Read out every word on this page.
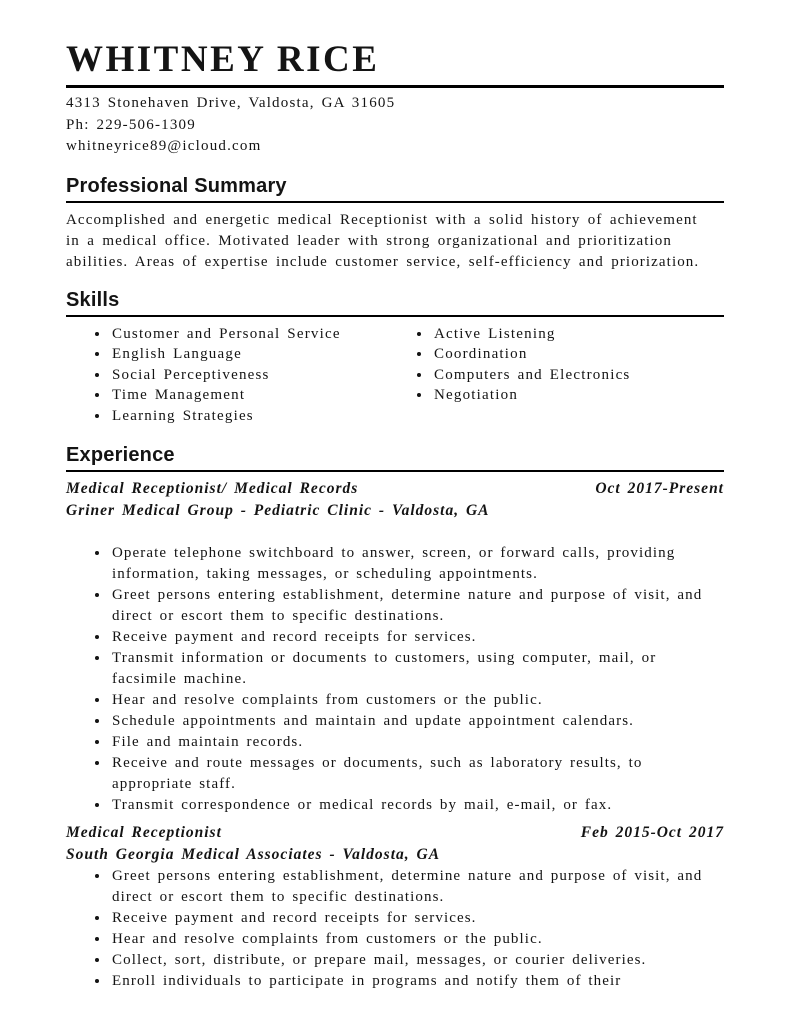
WHITNEY RICE

4313 Stonehaven Drive, Valdosta, GA 31605

Ph: 229-506-1309

whitneyrice89@icloud.com

Professional Summary

Accomplished and energetic medical Receptionist with a solid history of achievement in a medical office. Motivated leader with strong organizational and prioritization abilities. Areas of expertise include customer service, self-efficiency and priorization.

Skills
• Customer and Personal Service
• English Language
• Social Perceptiveness
• Time Management
• Learning Strategies
• Active Listening
• Coordination
• Computers and Electronics
• Negotiation
Experience
Medical Receptionist/ Medical Records	Oct 2017-Present

Griner Medical Group - Pediatric Clinic - Valdosta, GA

• Operate telephone switchboard to answer, screen, or forward calls, providing information, taking messages, or scheduling appointments.
• Greet persons entering establishment, determine nature and purpose of visit, and direct or escort them to specific destinations.
• Receive payment and record receipts for services.
• Transmit information or documents to customers, using computer, mail, or facsimile machine.
• Hear and resolve complaints from customers or the public.
• Schedule appointments and maintain and update appointment calendars.
• File and maintain records.
• Receive and route messages or documents, such as laboratory results, to appropriate staff.
• Transmit correspondence or medical records by mail, e-mail, or fax.
Medical Receptionist	Feb 2015-Oct 2017

South Georgia Medical Associates - Valdosta, GA

• Greet persons entering establishment, determine nature and purpose of visit, and direct or escort them to specific destinations.
• Receive payment and record receipts for services.
• Hear and resolve complaints from customers or the public.
• Collect, sort, distribute, or prepare mail, messages, or courier deliveries.
• Enroll individuals to participate in programs and notify them of their
